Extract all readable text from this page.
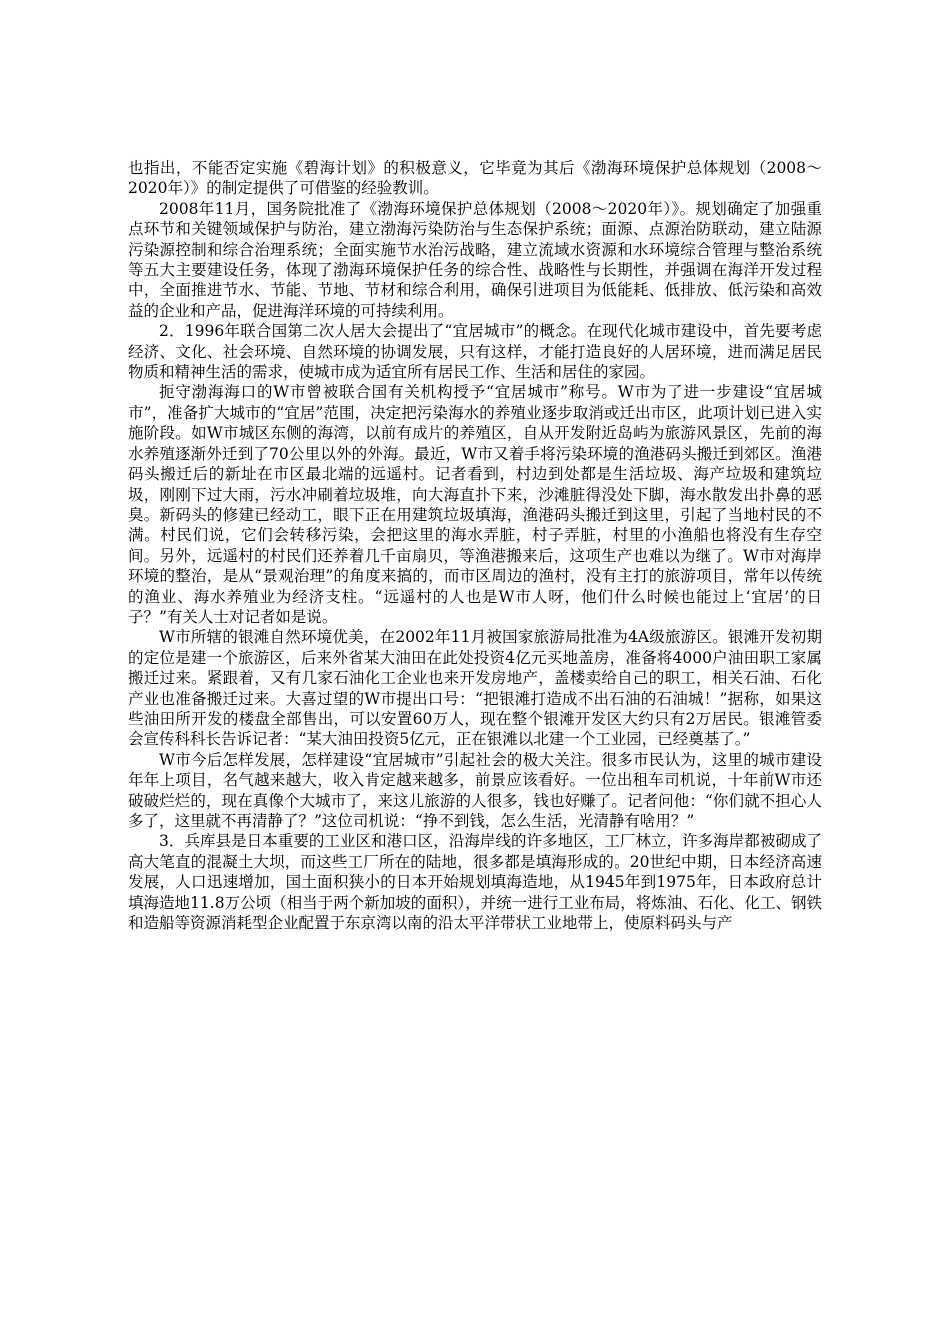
也指出，不能否定实施《碧海计划》的积极意义，它毕竟为其后《渤海环境保护总体规划（2008～2020年）》的制定提供了可借鉴的经验教训。

2008年11月，国务院批准了《渤海环境保护总体规划（2008～2020年）》。规划确定了加强重点环节和关键领域保护与防治，建立渤海污染防治与生态保护系统；面源、点源治防联动，建立陆源污染源控制和综合治理系统；全面实施节水治污战略，建立流域水资源和水环境综合管理与整治系统等五大主要建设任务，体现了渤海环境保护任务的综合性、战略性与长期性，并强调在海洋开发过程中，全面推进节水、节能、节地、节材和综合利用，确保引进项目为低能耗、低排放、低污染和高效益的企业和产品，促进海洋环境的可持续利用。

2．1996年联合国第二次人居大会提出了“宜居城市”的概念。在现代化城市建设中，首先要考虑经济、文化、社会环境、自然环境的协调发展，只有这样，才能打造良好的人居环境，进而满足居民物质和精神生活的需求，使城市成为适宜所有居民工作、生活和居住的家园。

扼守渤海海口的W市曾被联合国有关机构授予“宜居城市”称号。W市为了进一步建设“宜居城市”，准备扩大城市的“宜居”范围，决定把污染海水的养殖业逐步取消或迁出市区，此项计划已进入实施阶段。如W市城区东侧的海湾，以前有成片的养殖区，自从开发附近岛屿为旅游风景区，先前的海水养殖逐渐外迁到了70公里以外的外海。最近，W市又着手将污染环境的渔港码头搬迁到郊区。渔港码头搬迁后的新址在市区最北端的远遥村。记者看到，村边到处都是生活垃圾、海产垃圾和建筑垃圾，刚刚下过大雨，污水冲刷着垃圾堆，向大海直扑下来，沙滩脏得没处下脚，海水散发出扑鼻的恶臭。新码头的修建已经动工，眼下正在用建筑垃圾填海，渔港码头搬迁到这里，引起了当地村民的不满。村民们说，它们会转移污染，会把这里的海水弄脏，村子弄脏，村里的小渔船也将没有生存空间。另外，远遥村的村民们还养着几千亩扇贝，等渔港搬来后，这项生产也难以为继了。W市对海岸环境的整治，是从“景观治理”的角度来搞的，而市区周边的渔村，没有主打的旅游项目，常年以传统的渔业、海水养殖业为经济支柱。“远遥村的人也是W市人呀，他们什么时候也能过上‘宜居’的日子？”有关人士对记者如是说。

W市所辖的银滩自然环境优美，在2002年11月被国家旅游局批准为4A级旅游区。银滩开发初期的定位是建一个旅游区，后来外省某大油田在此处投资4亿元买地盖房，准备将4000户油田职工家属搬迁过来。紧跟着，又有几家石油化工企业也来开发房地产，盖楼卖给自己的职工，相关石油、石化产业也准备搬迁过来。大喜过望的W市提出口号：“把银滩打造成不出石油的石油城！”据称，如果这些油田所开发的楼盘全部售出，可以安置60万人，现在整个银滩开发区大约只有2万居民。银滩管委会宣传科科长告诉记者：“某大油田投资5亿元，正在银滩以北建一个工业园，已经奠基了。”

W市今后怎样发展，怎样建设“宜居城市”引起社会的极大关注。很多市民认为，这里的城市建设年年上项目，名气越来越大，收入肯定越来越多，前景应该看好。一位出租车司机说，十年前W市还破破烂烂的，现在真像个大城市了，来这儿旅游的人很多，钱也好赚了。记者问他：“你们就不担心人多了，这里就不再清静了？”这位司机说：“挣不到钱，怎么生活，光清静有啥用？”

3．兵库县是日本重要的工业区和港口区，沿海岸线的许多地区，工厂林立，许多海岸都被砌成了高大笔直的混凝土大坝，而这些工厂所在的陆地，很多都是填海形成的。20世纪中期，日本经济高速发展，人口迅速增加，国土面积狭小的日本开始规划填海造地，从1945年到1975年，日本政府总计填海造地11.8万公顷（相当于两个新加坡的面积），并统一进行工业布局，将炼油、石化、化工、钢铁和造船等资源消耗型企业配置于东京湾以南的沿太平洋带状工业地带上，使原料码头与产
